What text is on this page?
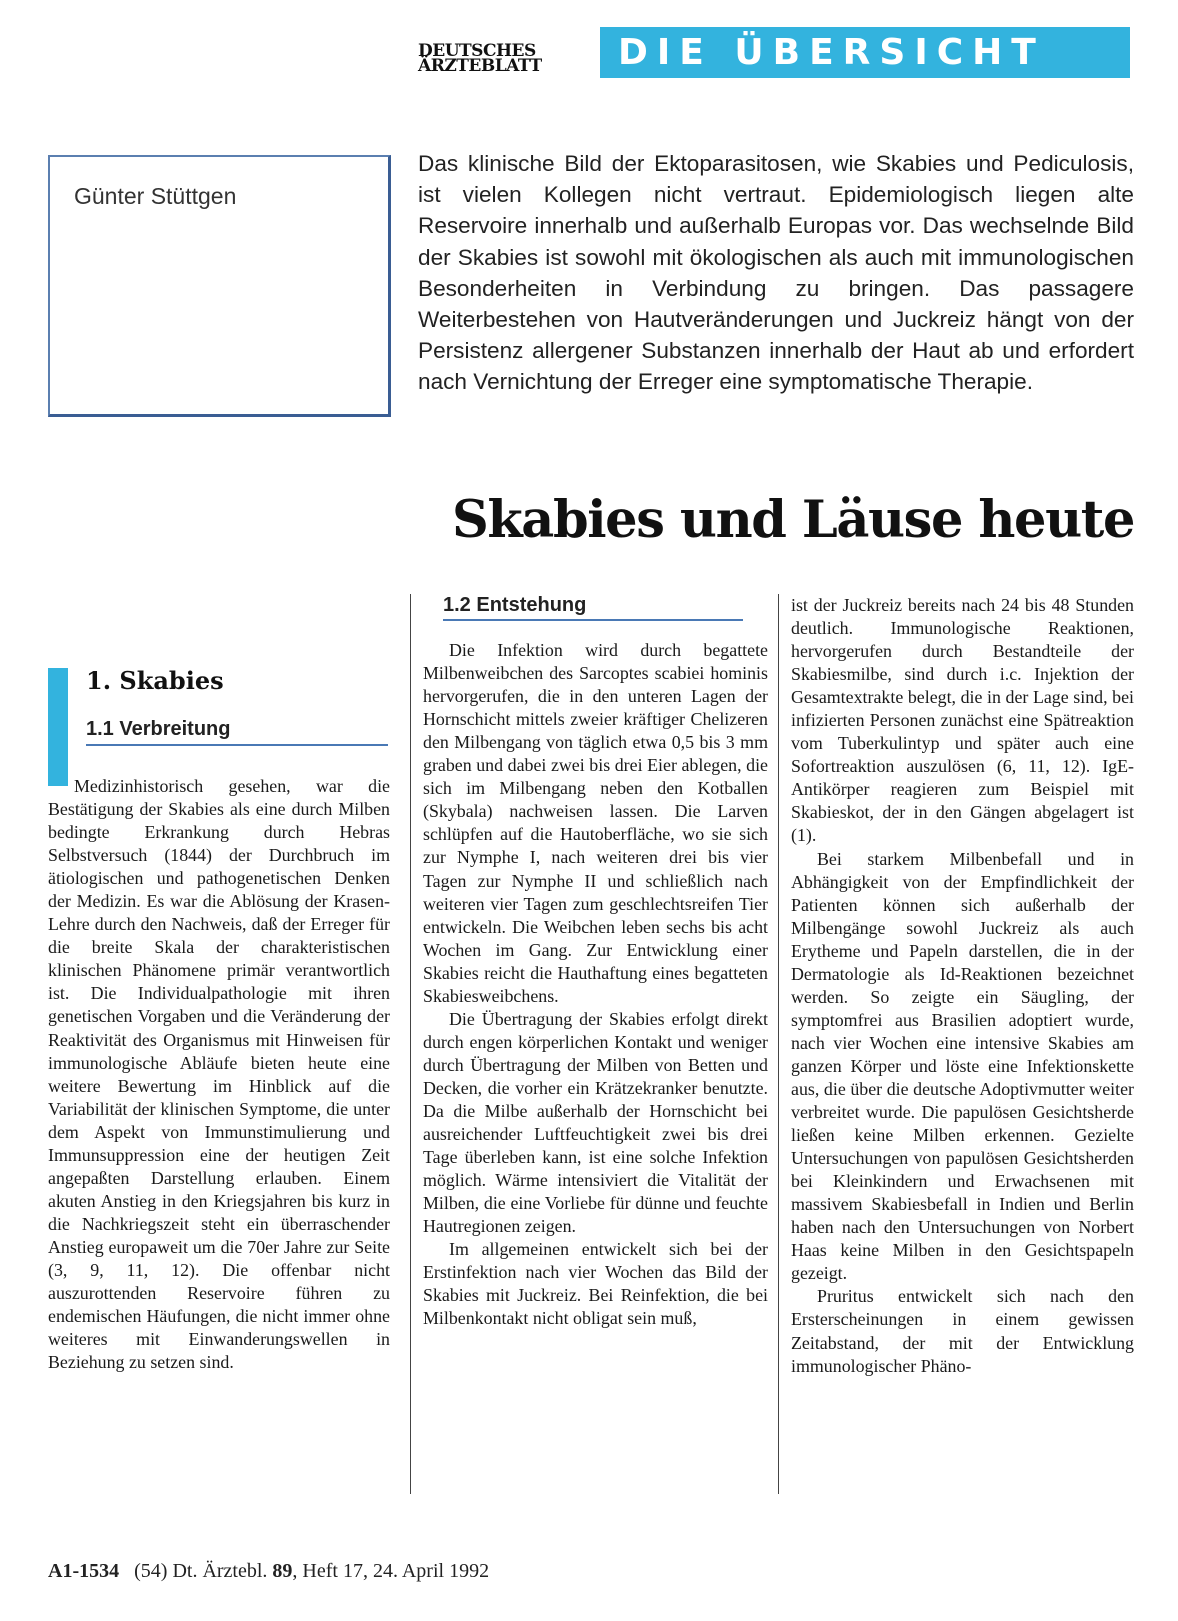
DEUTSCHES
ÄRZTEBLATT	DIE ÜBERSICHT
Günter Stüttgen

Das klinische Bild der Ektoparasitosen, wie Skabies und Pediculosis, ist vielen Kollegen nicht vertraut. Epidemiologisch liegen alte Reservoire innerhalb und außerhalb Europas vor. Das wechselnde Bild der Skabies ist sowohl mit ökologischen als auch mit immunologischen Besonderheiten in Verbindung zu bringen. Das passagere Weiterbestehen von Hautveränderungen und Juckreiz hängt von der Persistenz allergener Substanzen innerhalb der Haut ab und erfordert nach Vernichtung der Erreger eine symptomatische Therapie.

Skabies und Läuse heute
1. Skabies
1.1 Verbreitung

Medizinhistorisch gesehen, war die Bestätigung der Skabies als eine durch Milben bedingte Erkrankung durch Hebras Selbstversuch (1844) der Durchbruch im ätiologischen und pathogenetischen Denken der Medizin. Es war die Ablösung der Krasen-Lehre durch den Nachweis, daß der Erreger für die breite Skala der charakteristischen klinischen Phänomene primär verantwortlich ist. Die Individualpathologie mit ihren genetischen Vorgaben und die Veränderung der Reaktivität des Organismus mit Hinweisen für immunologische Abläufe bieten heute eine weitere Bewertung im Hinblick auf die Variabilität der klinischen Symptome, die unter dem Aspekt von Immunstimulierung und Immunsuppression eine der heutigen Zeit angepaßten Darstellung erlauben. Einem akuten Anstieg in den Kriegsjahren bis kurz in die Nachkriegszeit steht ein überraschender Anstieg europaweit um die 70er Jahre zur Seite (3, 9, 11, 12). Die offenbar nicht auszurottenden Reservoire führen zu endemischen Häufungen, die nicht immer ohne weiteres mit Einwanderungswellen in Beziehung zu setzen sind.

1.2 Entstehung

Die Infektion wird durch begattete Milbenweibchen des Sarcoptes scabiei hominis hervorgerufen, die in den unteren Lagen der Hornschicht mittels zweier kräftiger Chelizeren den Milbengang von täglich etwa 0,5 bis 3 mm graben und dabei zwei bis drei Eier ablegen, die sich im Milbengang neben den Kotballen (Skybala) nachweisen lassen. Die Larven schlüpfen auf die Hautoberfläche, wo sie sich zur Nymphe I, nach weiteren drei bis vier Tagen zur Nymphe II und schließlich nach weiteren vier Tagen zum geschlechtsreifen Tier entwickeln. Die Weibchen leben sechs bis acht Wochen im Gang. Zur Entwicklung einer Skabies reicht die Hauthaftung eines begatteten Skabiesweibchens.

Die Übertragung der Skabies erfolgt direkt durch engen körperlichen Kontakt und weniger durch Übertragung der Milben von Betten und Decken, die vorher ein Krätzekranker benutzte. Da die Milbe außerhalb der Hornschicht bei ausreichender Luftfeuchtigkeit zwei bis drei Tage überleben kann, ist eine solche Infektion möglich. Wärme intensiviert die Vitalität der Milben, die eine Vorliebe für dünne und feuchte Hautregionen zeigen.

Im allgemeinen entwickelt sich bei der Erstinfektion nach vier Wochen das Bild der Skabies mit Juckreiz. Bei Reinfektion, die bei Milbenkontakt nicht obligat sein muß,

ist der Juckreiz bereits nach 24 bis 48 Stunden deutlich. Immunologische Reaktionen, hervorgerufen durch Bestandteile der Skabiesmilbe, sind durch i.c. Injektion der Gesamtextrakte belegt, die in der Lage sind, bei infizierten Personen zunächst eine Spätreaktion vom Tuberkulintyp und später auch eine Sofortreaktion auszulösen (6, 11, 12). IgE-Antikörper reagieren zum Beispiel mit Skabieskot, der in den Gängen abgelagert ist (1).

Bei starkem Milbenbefall und in Abhängigkeit von der Empfindlichkeit der Patienten können sich außerhalb der Milbengänge sowohl Juckreiz als auch Erytheme und Papeln darstellen, die in der Dermatologie als Id-Reaktionen bezeichnet werden. So zeigte ein Säugling, der symptomfrei aus Brasilien adoptiert wurde, nach vier Wochen eine intensive Skabies am ganzen Körper und löste eine Infektionskette aus, die über die deutsche Adoptivmutter weiter verbreitet wurde. Die papulösen Gesichtsherde ließen keine Milben erkennen. Gezielte Untersuchungen von papulösen Gesichtsherden bei Kleinkindern und Erwachsenen mit massivem Skabiesbefall in Indien und Berlin haben nach den Untersuchungen von Norbert Haas keine Milben in den Gesichtspapeln gezeigt.

Pruritus entwickelt sich nach den Ersterscheinungen in einem gewissen Zeitabstand, der mit der Entwicklung immunologischer Phäno-

A1-1534 (54) Dt. Ärztebl. 89, Heft 17, 24. April 1992
